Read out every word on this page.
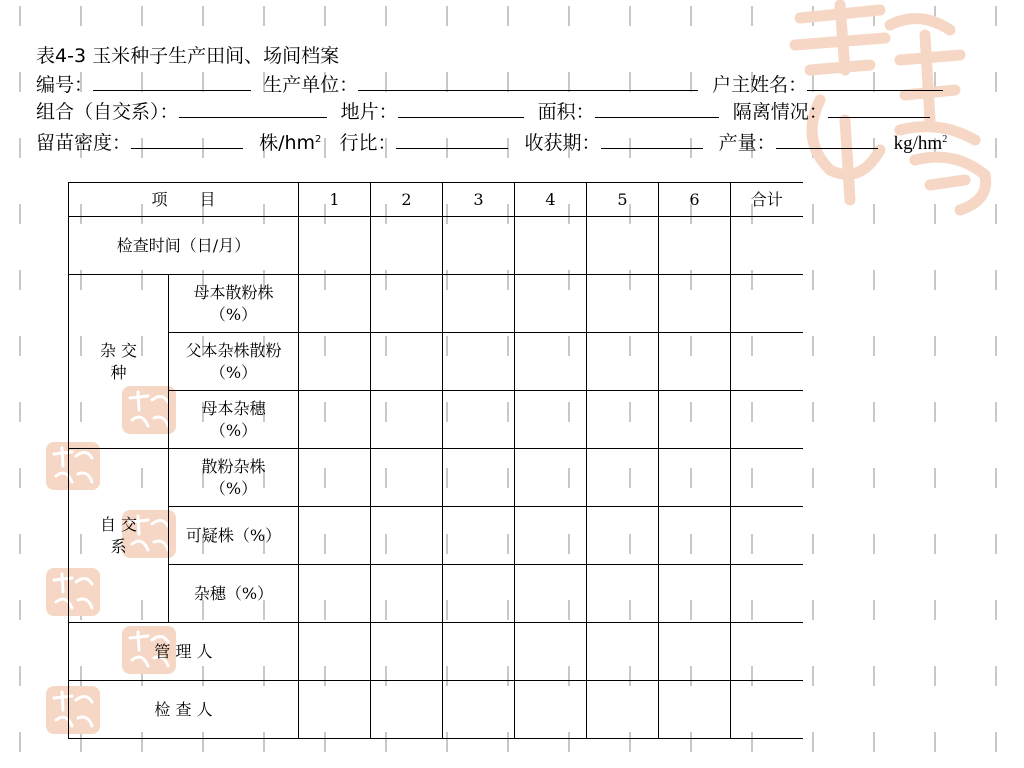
表4-3 玉米种子生产田间、场间档案
编号：	生产单位：	户主姓名：
组合（自交系）：	地片：	面积：	隔离情况：
留苗密度：	株$/hm^2$ 行比：	收获期：	产量：	$kg/hm^2$
项　　目		1	2	3	4	5	6	合计
检查时间（日/月）								
杂 交 种	母本散粉株（%）							
	父本杂株散粉（%）							
	母本杂穗（%）							
自 交 系	散粉杂株（%）							
	可疑株（%）							
	杂穗（%）							
管 理 人								
检 查 人								
